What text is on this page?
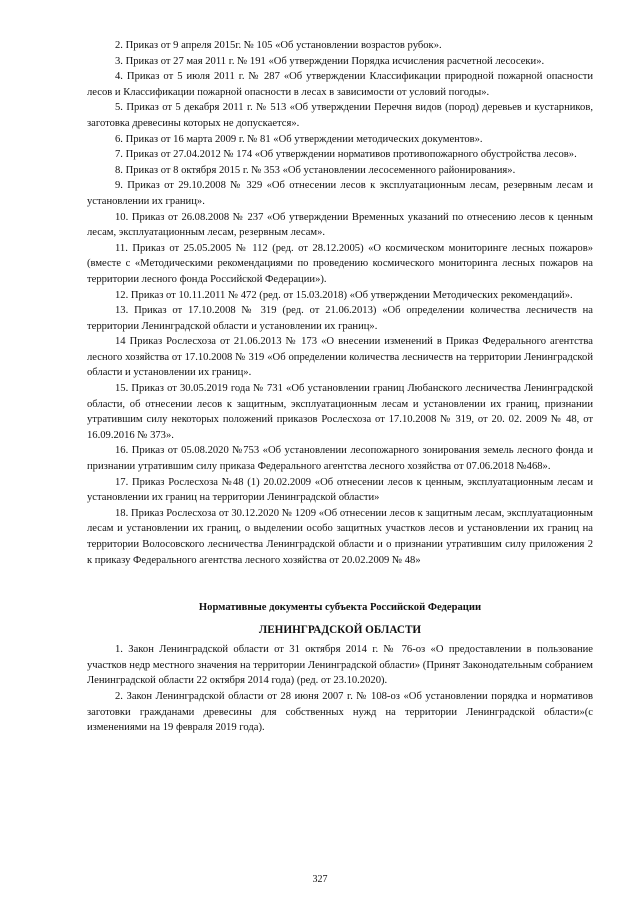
2. Приказ от 9 апреля 2015г. № 105 «Об установлении возрастов рубок».

3. Приказ от 27 мая 2011 г. № 191 «Об утверждении Порядка исчисления расчетной лесосеки».

4. Приказ от 5 июля 2011 г. № 287 «Об утверждении Классификации природной пожарной опасности лесов и Классификации пожарной опасности в лесах в зависимости от условий погоды».

5. Приказ от 5 декабря 2011 г. № 513 «Об утверждении Перечня видов (пород) деревьев и кустарников, заготовка древесины которых не допускается».

6. Приказ от 16 марта 2009 г. № 81 «Об утверждении методических документов».

7. Приказ от 27.04.2012 № 174 «Об утверждении нормативов противопожарного обустройства лесов».

8. Приказ от 8 октября 2015 г. № 353 «Об установлении лесосеменного районирования».

9. Приказ от 29.10.2008 № 329 «Об отнесении лесов к эксплуатационным лесам, резервным лесам и установлении их границ».

10. Приказ от 26.08.2008 № 237 «Об утверждении Временных указаний по отнесению лесов к ценным лесам, эксплуатационным лесам, резервным лесам».

11. Приказ от 25.05.2005 № 112 (ред. от 28.12.2005) «О космическом мониторинге лесных пожаров» (вместе с «Методическими рекомендациями по проведению космического мониторинга лесных пожаров на территории лесного фонда Российской Федерации»).

12. Приказ от 10.11.2011 № 472 (ред. от 15.03.2018) «Об утверждении Методических рекомендаций».

13. Приказ от 17.10.2008 № 319 (ред. от 21.06.2013) «Об определении количества лесничеств на территории Ленинградской области и установлении их границ».

14 Приказ Рослесхоза от 21.06.2013 № 173 «О внесении изменений в Приказ Федерального агентства лесного хозяйства от 17.10.2008 № 319 «Об определении количества лесничеств на территории Ленинградской области и установлении их границ».

15. Приказ от 30.05.2019 года № 731 «Об установлении границ Любанского лесничества Ленинградской области, об отнесении лесов к защитным, эксплуатационным лесам и установлении их границ, признании утратившим силу некоторых положений приказов Рослесхоза от 17.10.2008 № 319, от 20. 02. 2009 № 48, от 16.09.2016 № 373».

16. Приказ от 05.08.2020 №753 «Об установлении лесопожарного зонирования земель лесного фонда и признании утратившим силу приказа Федерального агентства лесного хозяйства от 07.06.2018 №468».

17. Приказ Рослесхоза №48 (1) 20.02.2009 «Об отнесении лесов к ценным, эксплуатационным лесам и установлении их границ на территории Ленинградской области»

18. Приказ Рослесхоза от 30.12.2020 № 1209 «Об отнесении лесов к защитным лесам, эксплуатационным лесам и установлении их границ, о выделении особо защитных участков лесов и установлении их границ на территории Волосовского лесничества Ленинградской области и о признании утратившим силу приложения 2 к приказу Федерального агентства лесного хозяйства от 20.02.2009 № 48»

Нормативные документы субъекта Российской Федерации

ЛЕНИНГРАДСКОЙ ОБЛАСТИ

1. Закон Ленинградской области от 31 октября 2014 г. № 76-оз «О предоставлении в пользование участков недр местного значения на территории Ленинградской области» (Принят Законодательным собранием Ленинградской области 22 октября 2014 года) (ред. от 23.10.2020).

2. Закон Ленинградской области от 28 июня 2007 г. № 108-оз «Об установлении порядка и нормативов заготовки гражданами древесины для собственных нужд на территории Ленинградской области»(с изменениями на 19 февраля 2019 года).

327
